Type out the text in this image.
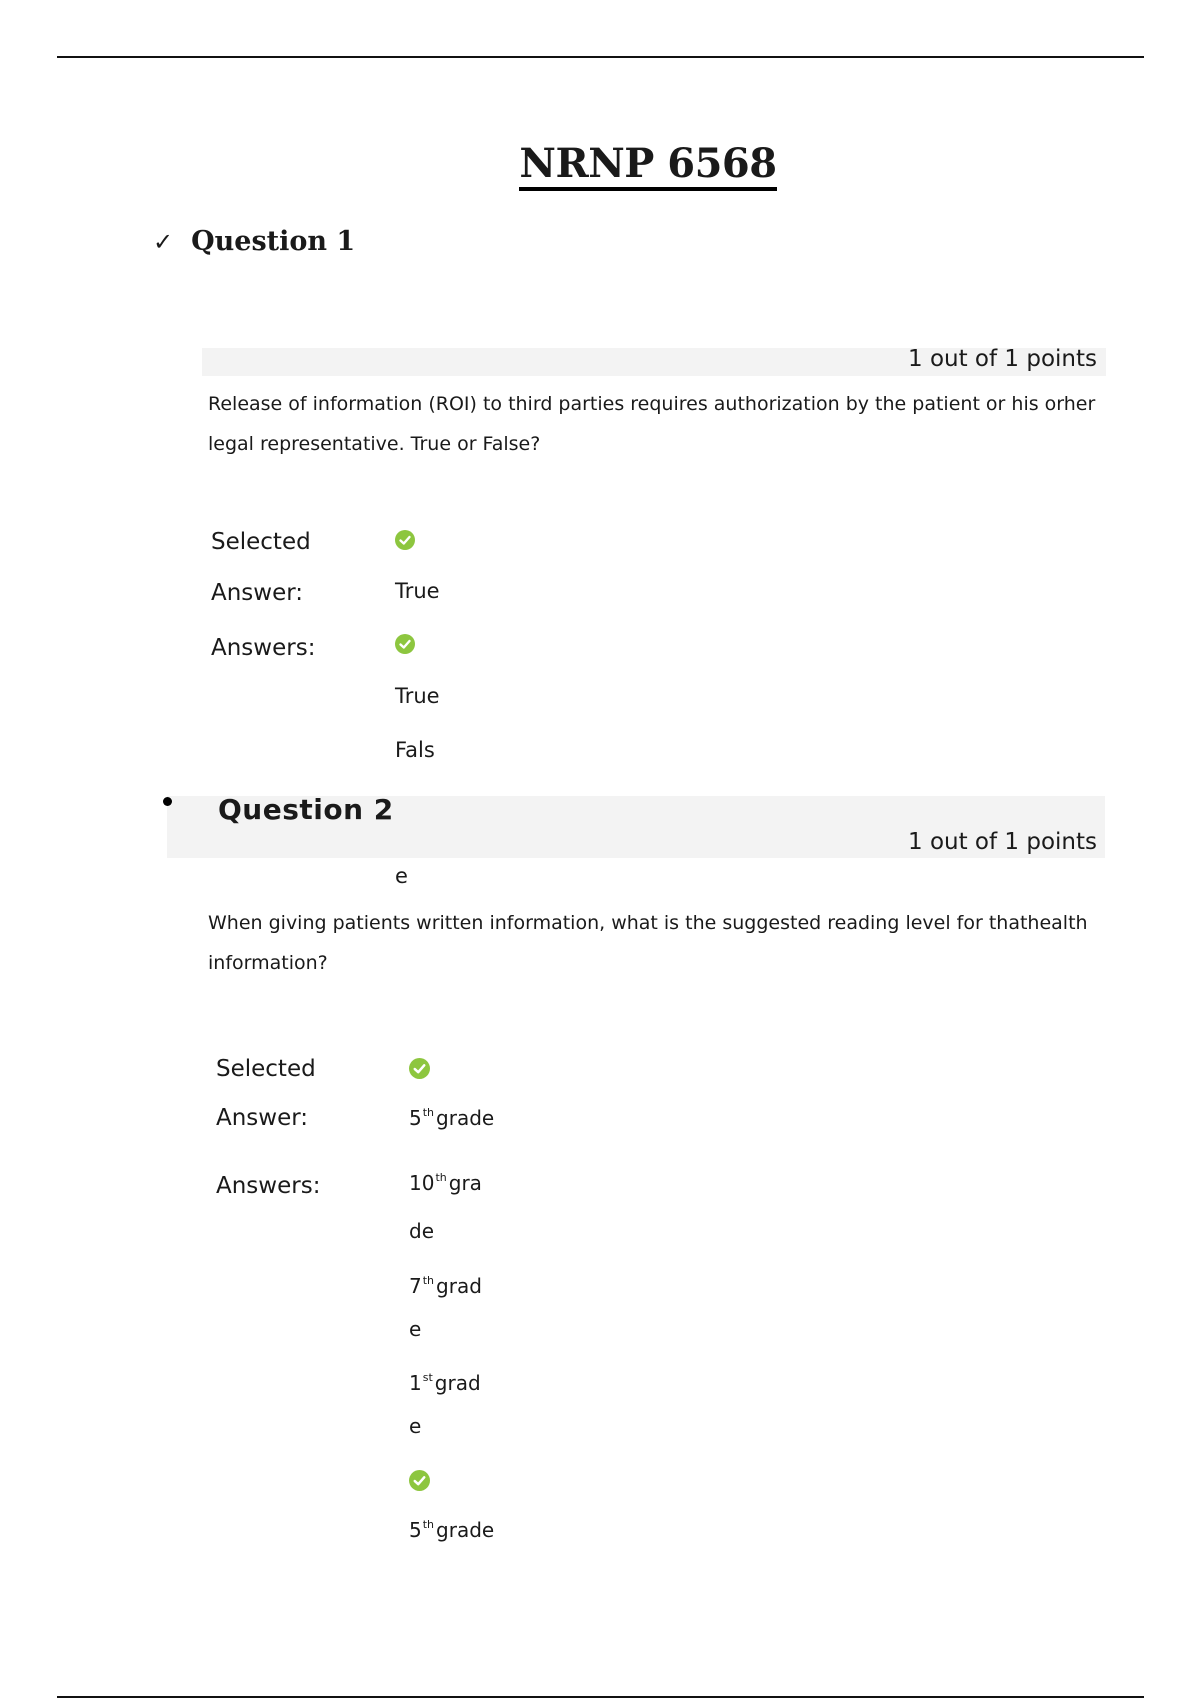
NRNP 6568
✓ Question 1
1 out of 1 points
Release of information (ROI) to third parties requires authorization by the patient or his orher
legal representative. True or False?
Selected
Answer:	True
Answers:
True
Fals
Question 2
1 out of 1 points
e
When giving patients written information, what is the suggested reading level for thathealth
information?
Selected
Answer:	5th grade
Answers:	10th gra
de
7th grad
e
1st grad
e
5th grade
